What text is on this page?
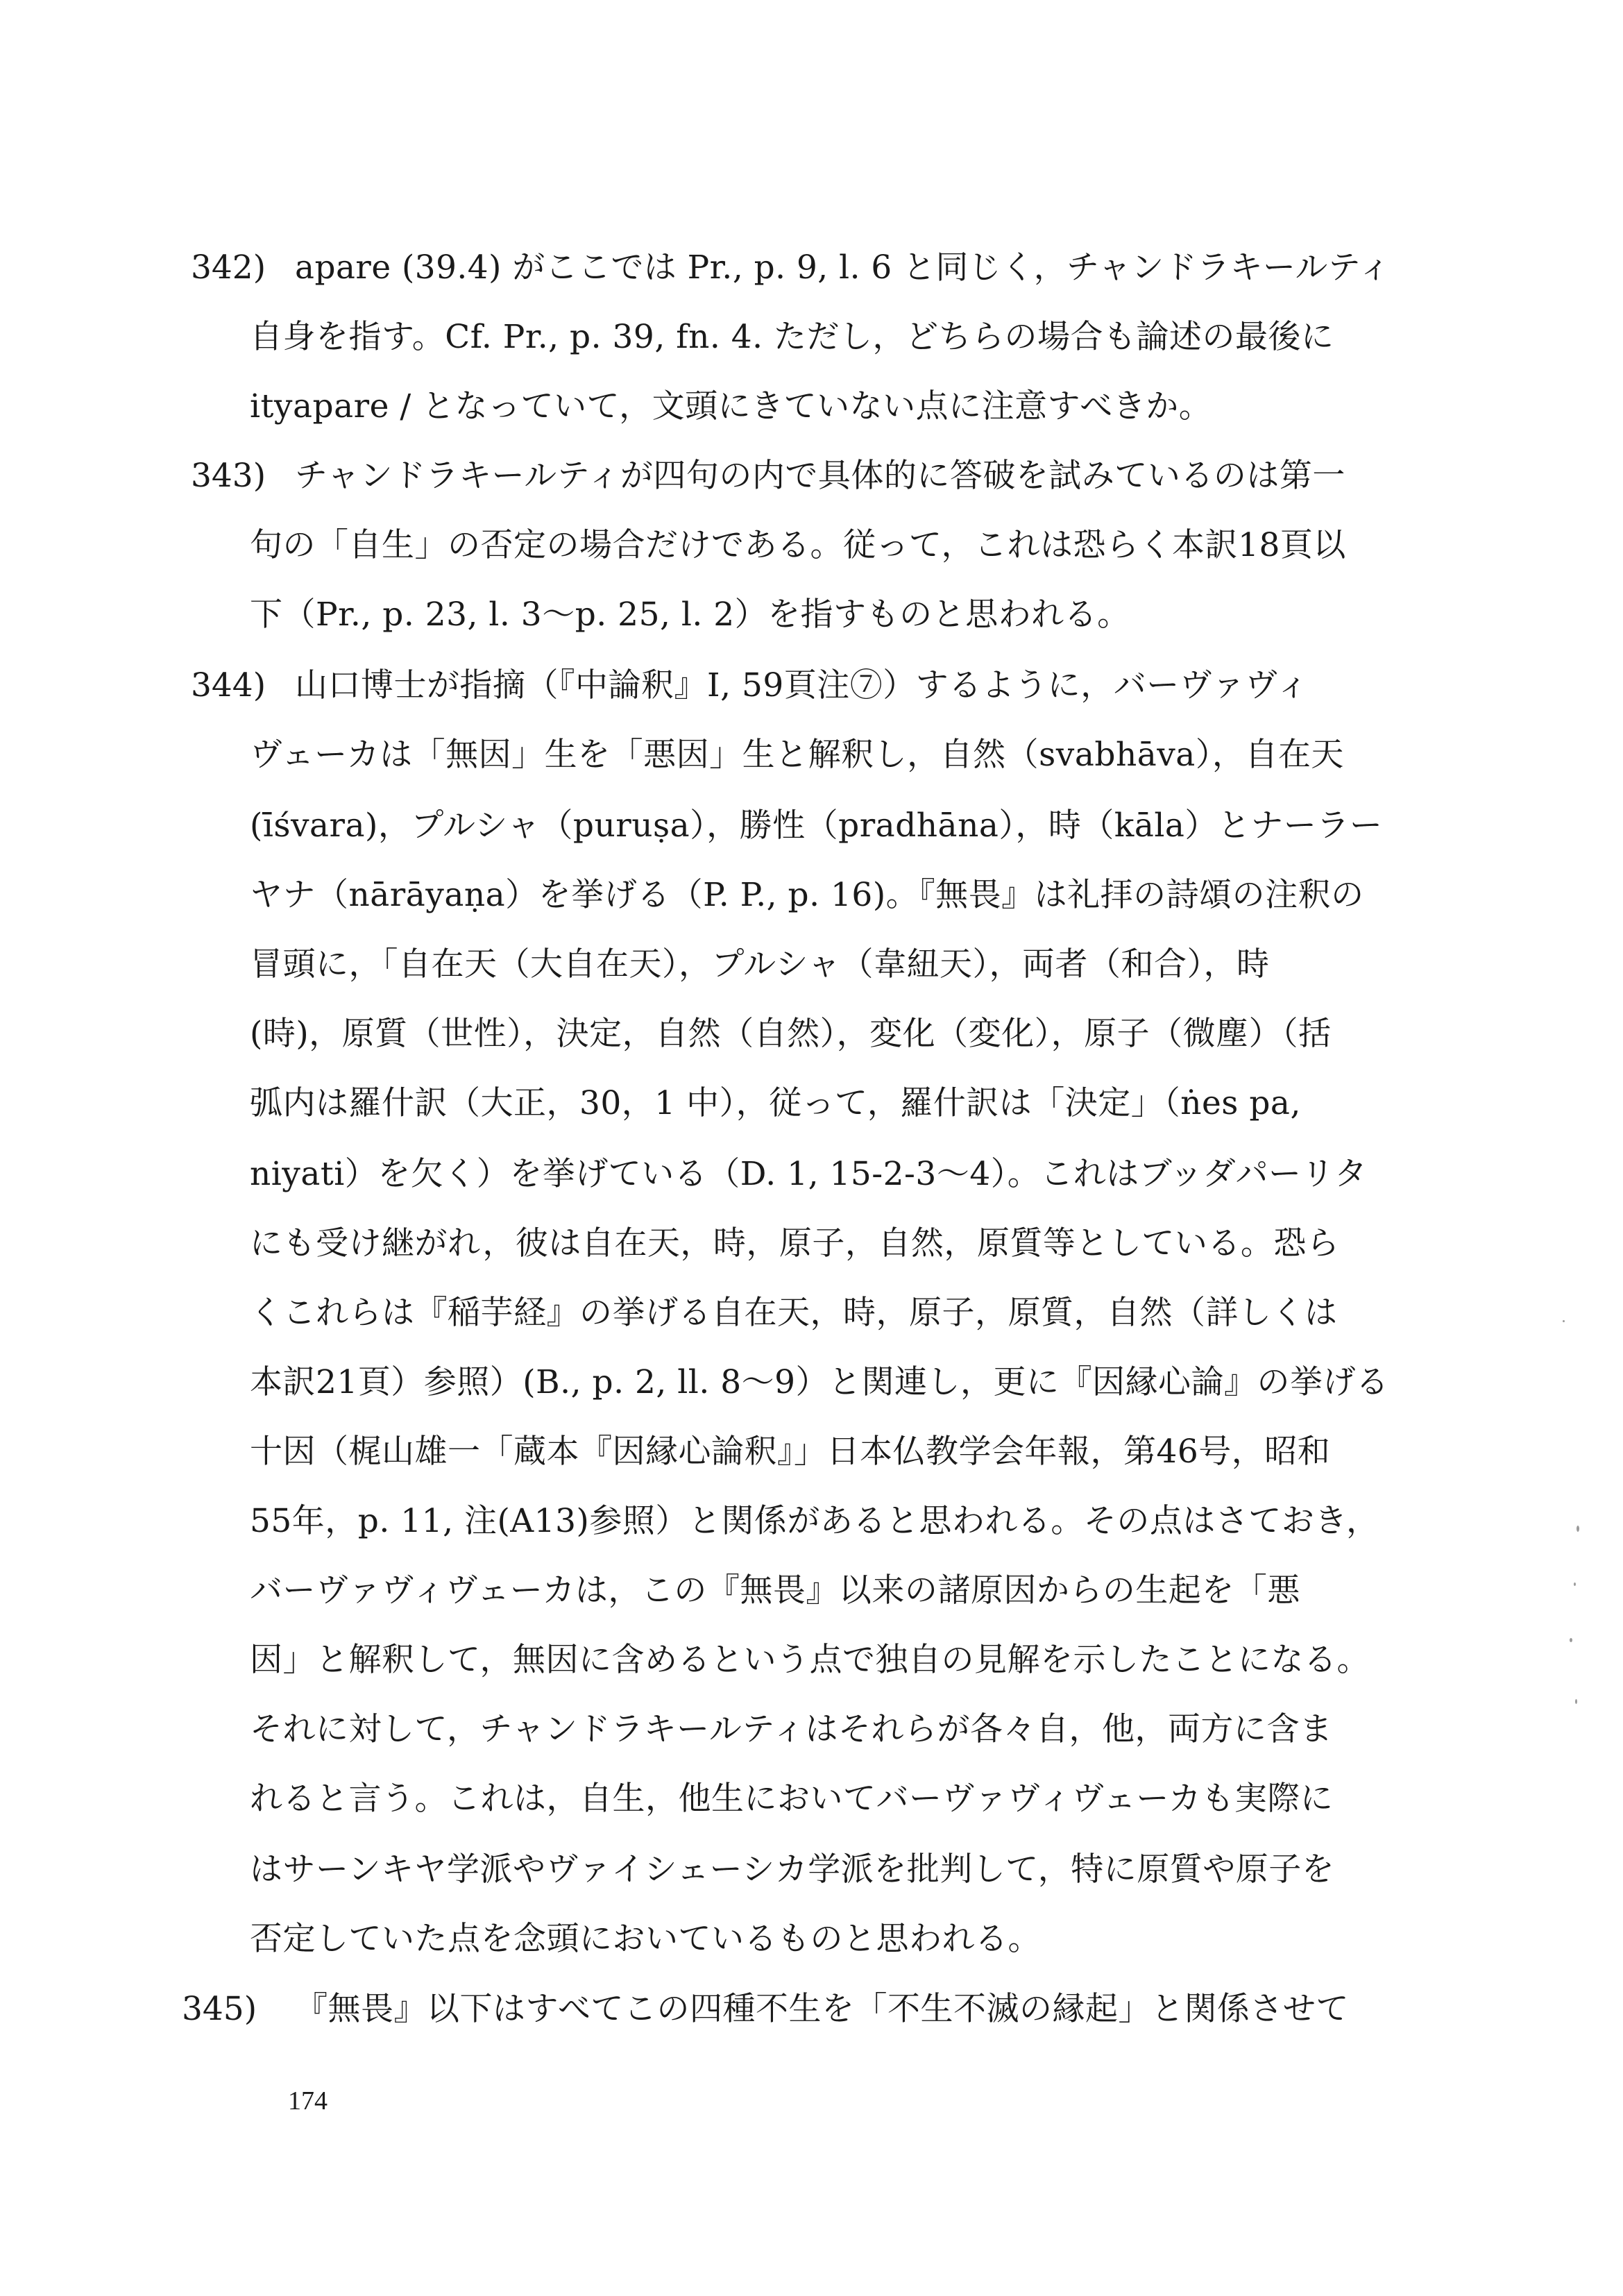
342) apare (39.4) がここでは Pr., p. 9, l. 6 と同じく，チャンドラキールティ
自身を指す。Cf. Pr., p. 39, fn. 4. ただし，どちらの場合も論述の最後に
ityapare / となっていて，文頭にきていない点に注意すべきか。
343) チャンドラキールティが四句の内で具体的に答破を試みているのは第一
句の「自生」の否定の場合だけである。従って，これは恐らく本訳18頁以
下（Pr., p. 23, l. 3～p. 25, l. 2）を指すものと思われる。
344) 山口博士が指摘（『中論釈』I, 59頁注⑦）するように，バーヴァヴィ
ヴェーカは「無因」生を「悪因」生と解釈し，自然（svabhāva），自在天
(īśvara)，プルシャ（puruṣa），勝性（pradhāna），時（kāla）とナーラー
ヤナ（nārāyaṇa）を挙げる（P. P., p. 16)。『無畏』は礼拝の詩頌の注釈の
冒頭に，「自在天（大自在天），プルシャ（韋紐天），両者（和合），時
(時)，原質（世性），決定，自然（自然），変化（変化），原子（微塵）（括
弧内は羅什訳（大正，30，1 中），従って，羅什訳は「決定」（ṅes pa,
niyati）を欠く）を挙げている（D. 1, 15-2-3～4）。これはブッダパーリタ
にも受け継がれ，彼は自在天，時，原子，自然，原質等としている。恐ら
くこれらは『稲芋経』の挙げる自在天，時，原子，原質，自然（詳しくは
本訳21頁）参照）(B., p. 2, ll. 8～9）と関連し，更に『因縁心論』の挙げる
十因（梶山雄一「蔵本『因縁心論釈』」日本仏教学会年報，第46号，昭和
55年，p. 11, 注(A13)参照）と関係があると思われる。その点はさておき，
バーヴァヴィヴェーカは，この『無畏』以来の諸原因からの生起を「悪
因」と解釈して，無因に含めるという点で独自の見解を示したことになる。
それに対して，チャンドラキールティはそれらが各々自，他，両方に含ま
れると言う。これは，自生，他生においてバーヴァヴィヴェーカも実際に
はサーンキヤ学派やヴァイシェーシカ学派を批判して，特に原質や原子を
否定していた点を念頭においているものと思われる。
345) 『無畏』以下はすべてこの四種不生を「不生不滅の縁起」と関係させて
174
